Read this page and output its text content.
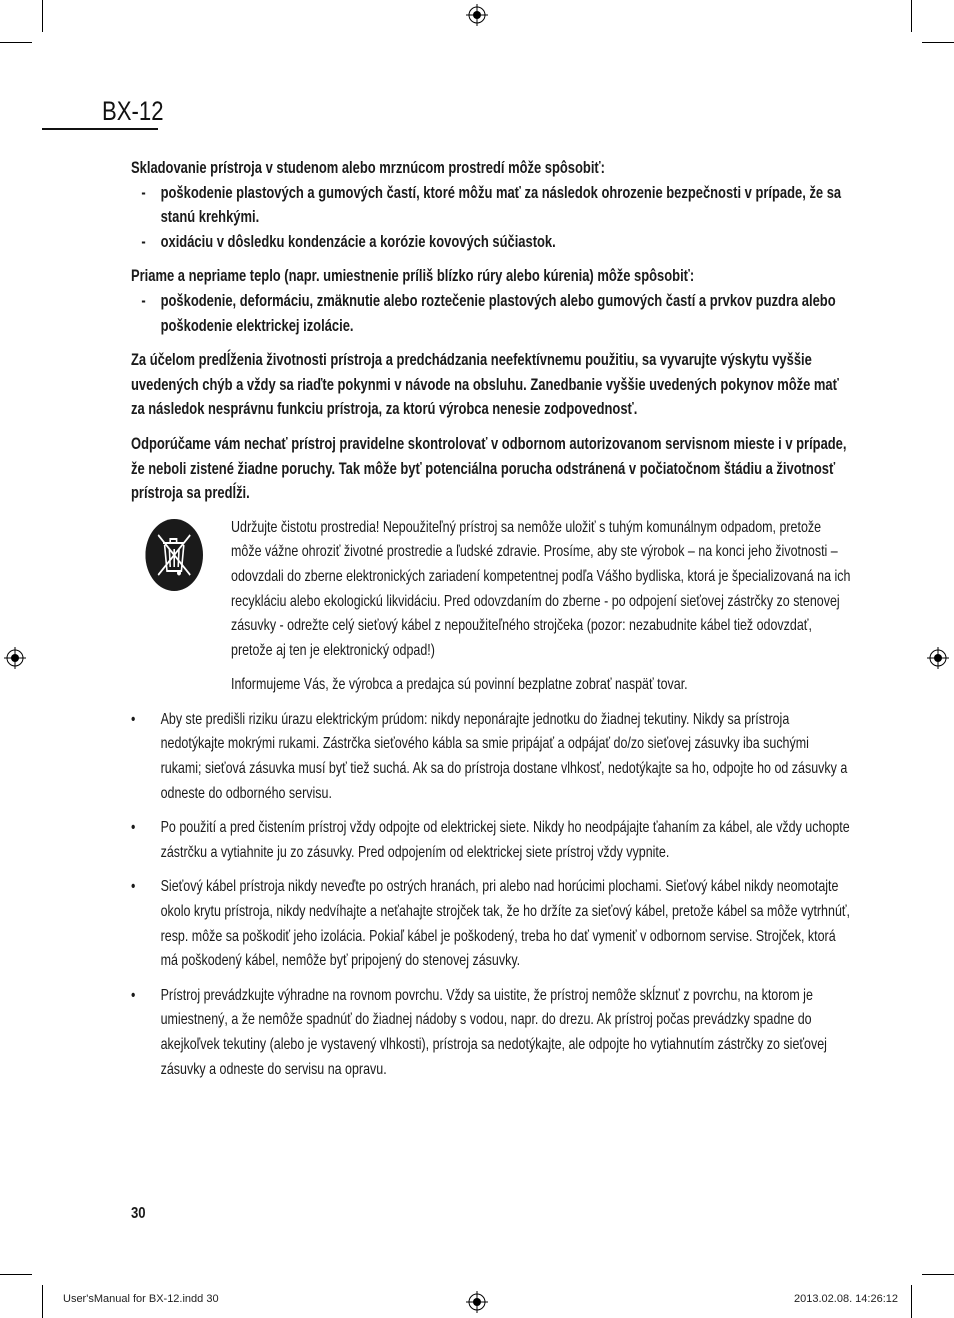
BX-12

Skladovanie prístroja v studenom alebo mrznúcom prostredí môže spôsobiť:

- poškodenie plastových a gumových častí, ktoré môžu mať za následok ohrozenie bezpečnosti v prípade, že sa stanú krehkými.
- oxidáciu v dôsledku kondenzácie a korózie kovových súčiastok.

Priame a nepriame teplo (napr. umiestnenie príliš blízko rúry alebo kúrenia) môže spôsobiť:

- poškodenie, deformáciu, zmäknutie alebo roztečenie plastových alebo gumových častí a prvkov puzdra alebo poškodenie elektrickej izolácie.

Za účelom predĺženia životnosti prístroja a predchádzania neefektívnemu použitiu, sa vyvarujte výskytu vyššie uvedených chýb a vždy sa riaďte pokynmi v návode na obsluhu. Zanedbanie vyššie uvedených pokynov môže mať za následok nesprávnu funkciu prístroja, za ktorú výrobca nenesie zodpovednosť.

Odporúčame vám nechať prístroj pravidelne skontrolovať v odbornom autorizovanom servisnom mieste i v prípade, že neboli zistené žiadne poruchy. Tak môže byť potenciálna porucha odstránená v počiatočnom štádiu a životnosť prístroja sa predĺži.

Udržujte čistotu prostredia! Nepoužiteľný prístroj sa nemôže uložiť s tuhým komunálnym odpadom, pretože môže vážne ohroziť životné prostredie a ľudské zdravie. Prosíme, aby ste výrobok – na konci jeho životnosti – odovzdali do zberne elektronických zariadení kompetentnej podľa Vášho bydliska, ktorá je špecializovaná na ich recykláciu alebo ekologickú likvidáciu. Pred odovzdaním do zberne - po odpojení sieťovej zástrčky zo stenovej zásuvky - odrežte celý sieťový kábel z nepoužiteľného strojčeka (pozor: nezabudnite kábel tiež odovzdať, pretože aj ten je elektronický odpad!)

Informujeme Vás, že výrobca a predajca sú povinní bezplatne zobrať naspäť tovar.

• Aby ste predišli riziku úrazu elektrickým prúdom: nikdy neponárajte jednotku do žiadnej tekutiny. Nikdy sa prístroja nedotýkajte mokrými rukami. Zástrčka sieťového kábla sa smie pripájať a odpájať do/zo sieťovej zásuvky iba suchými rukami; sieťová zásuvka musí byť tiež suchá. Ak sa do prístroja dostane vlhkosť, nedotýkajte sa ho, odpojte ho od zásuvky a odneste do odborného servisu.
• Po použití a pred čistením prístroj vždy odpojte od elektrickej siete. Nikdy ho neodpájajte ťahaním za kábel, ale vždy uchopte zástrčku a vytiahnite ju zo zásuvky. Pred odpojením od elektrickej siete prístroj vždy vypnite.
• Sieťový kábel prístroja nikdy neveďte po ostrých hranách, pri alebo nad horúcimi plochami. Sieťový kábel nikdy neomotajte okolo krytu prístroja, nikdy nedvíhajte a neťahajte strojček tak, že ho držíte za sieťový kábel, pretože kábel sa môže vytrhnúť, resp. môže sa poškodiť jeho izolácia. Pokiaľ kábel je poškodený, treba ho dať vymeniť v odbornom servise. Strojček, ktorá má poškodený kábel, nemôže byť pripojený do stenovej zásuvky.
• Prístroj prevádzkujte výhradne na rovnom povrchu. Vždy sa uistite, že prístroj nemôže skĺznuť z povrchu, na ktorom je umiestnený, a že nemôže spadnúť do žiadnej nádoby s vodou, napr. do drezu. Ak prístroj počas prevádzky spadne do akejkoľvek tekutiny (alebo je vystavený vlhkosti), prístroja sa nedotýkajte, ale odpojte ho vytiahnutím zástrčky zo sieťovej zásuvky a odneste do servisu na opravu.
30
User'sManual for BX-12.indd 30	2013.02.08. 14:26:12
